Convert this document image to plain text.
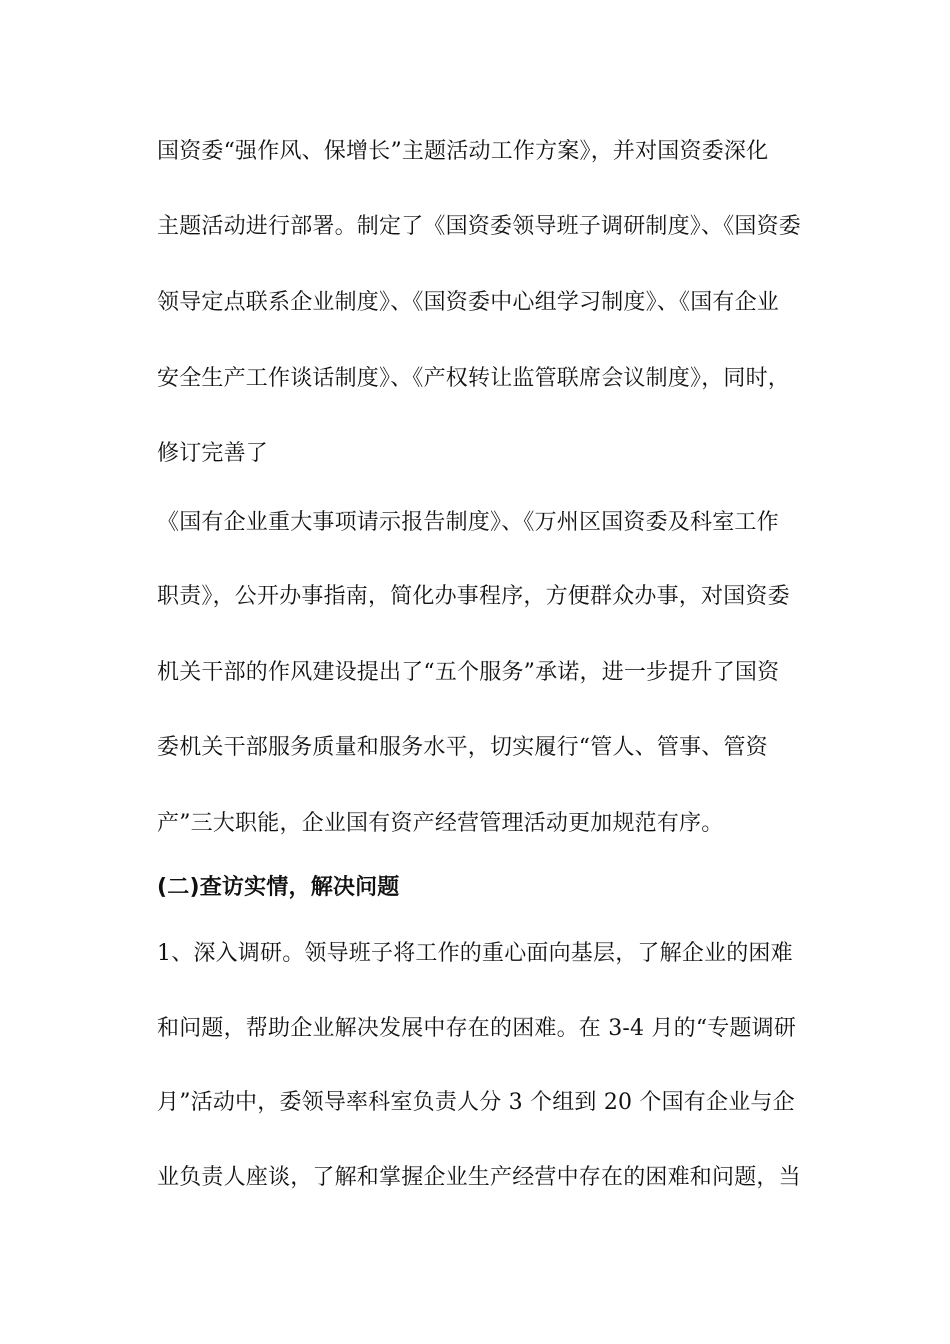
国资委“强作风、保增长”主题活动工作方案》，并对国资委深化
主题活动进行部署。制定了《国资委领导班子调研制度》、《国资委
领导定点联系企业制度》、《国资委中心组学习制度》、《国有企业
安全生产工作谈话制度》、《产权转让监管联席会议制度》，同时，
修订完善了
《国有企业重大事项请示报告制度》、《万州区国资委及科室工作
职责》，公开办事指南，简化办事程序，方便群众办事，对国资委
机关干部的作风建设提出了“五个服务”承诺，进一步提升了国资
委机关干部服务质量和服务水平，切实履行“管人、管事、管资
产”三大职能，企业国有资产经营管理活动更加规范有序。
(二)查访实情，解决问题
1、深入调研。领导班子将工作的重心面向基层，了解企业的困难
和问题，帮助企业解决发展中存在的困难。在 3-4 月的“专题调研
月”活动中，委领导率科室负责人分 3 个组到 20 个国有企业与企
业负责人座谈，了解和掌握企业生产经营中存在的困难和问题，当
